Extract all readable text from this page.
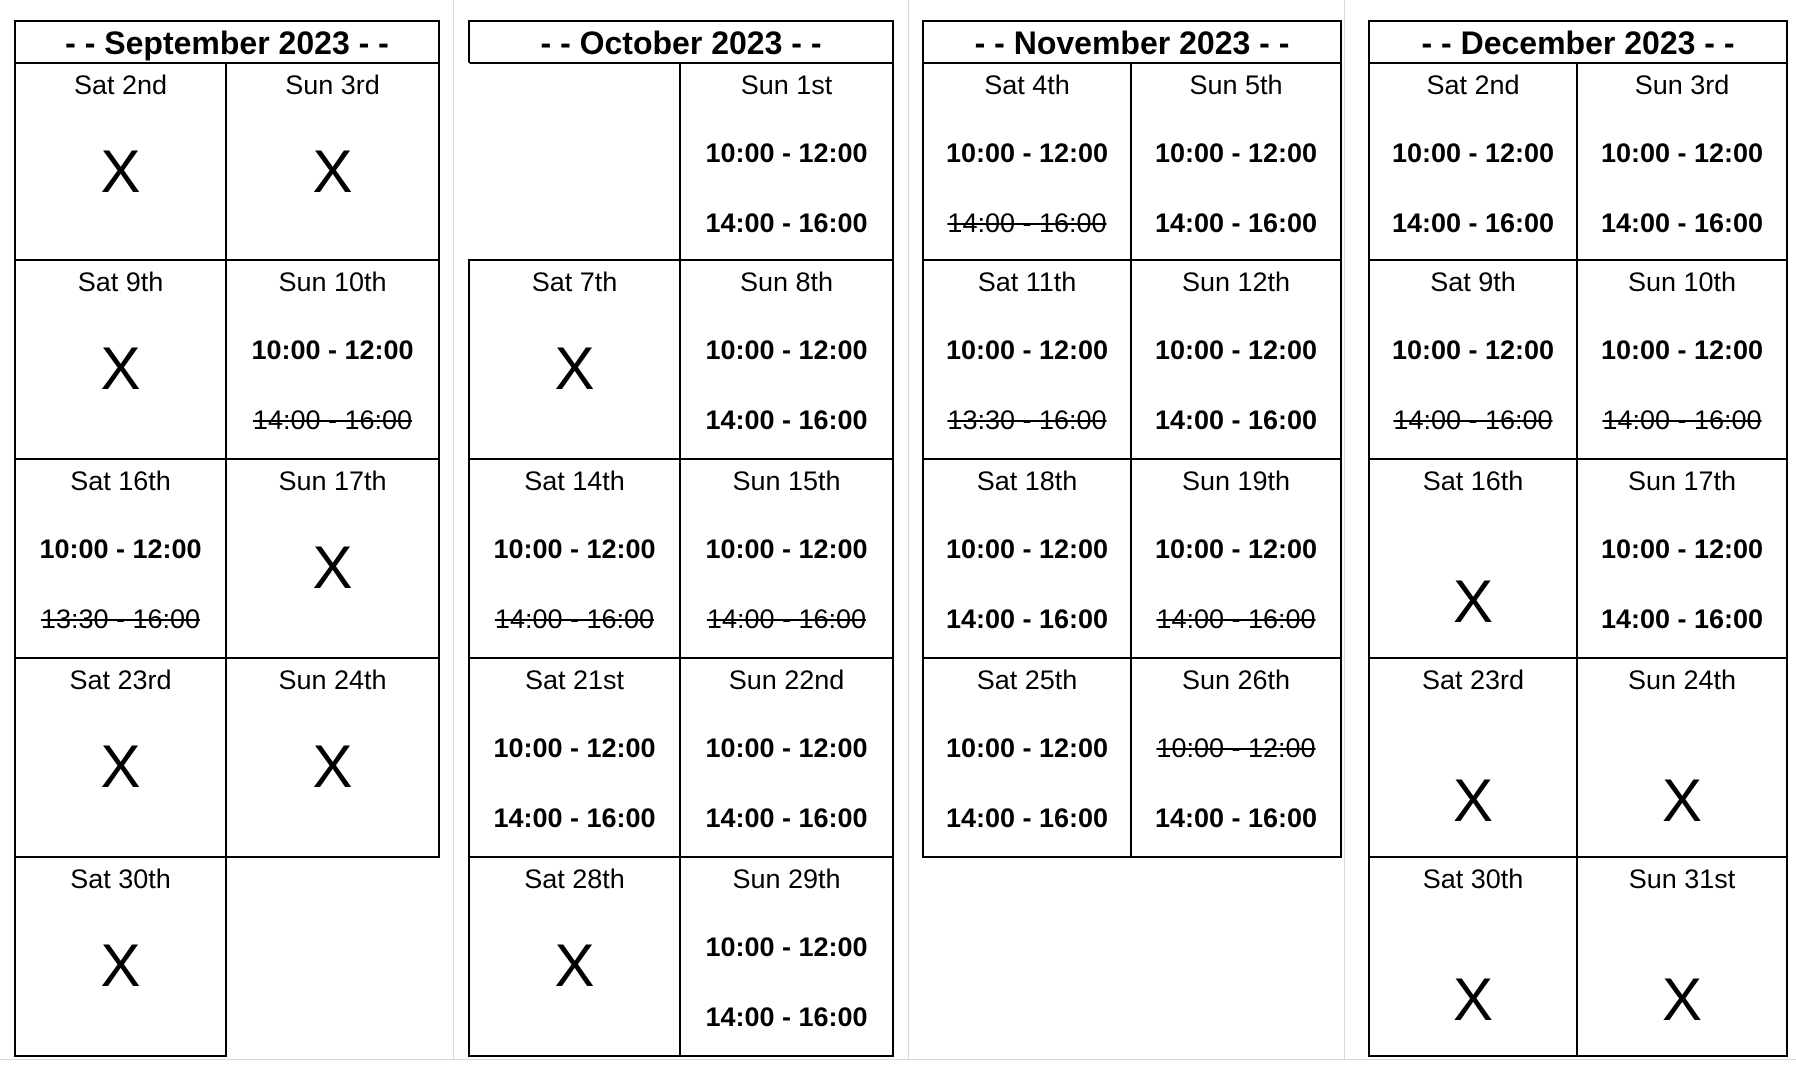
- - September 2023 - -
Sat 2nd
X
Sun 3rd
X
Sat 9th
X
Sun 10th
10:00 - 12:00
14:00 - 16:00
Sat 16th
10:00 - 12:00
13:30 - 16:00
Sun 17th
X
Sat 23rd
X
Sun 24th
X
Sat 30th
X
- - October 2023 - -
Sun 1st
10:00 - 12:00
14:00 - 16:00
Sat 7th
X
Sun 8th
10:00 - 12:00
14:00 - 16:00
Sat 14th
10:00 - 12:00
14:00 - 16:00
Sun 15th
10:00 - 12:00
14:00 - 16:00
Sat 21st
10:00 - 12:00
14:00 - 16:00
Sun 22nd
10:00 - 12:00
14:00 - 16:00
Sat 28th
X
Sun 29th
10:00 - 12:00
14:00 - 16:00
- - November 2023 - -
Sat 4th
10:00 - 12:00
14:00 - 16:00
Sun 5th
10:00 - 12:00
14:00 - 16:00
Sat 11th
10:00 - 12:00
13:30 - 16:00
Sun 12th
10:00 - 12:00
14:00 - 16:00
Sat 18th
10:00 - 12:00
14:00 - 16:00
Sun 19th
10:00 - 12:00
14:00 - 16:00
Sat 25th
10:00 - 12:00
14:00 - 16:00
Sun 26th
10:00 - 12:00
14:00 - 16:00
- - December 2023 - -
Sat 2nd
10:00 - 12:00
14:00 - 16:00
Sun 3rd
10:00 - 12:00
14:00 - 16:00
Sat 9th
10:00 - 12:00
14:00 - 16:00
Sun 10th
10:00 - 12:00
14:00 - 16:00
Sat 16th
X
Sun 17th
10:00 - 12:00
14:00 - 16:00
Sat 23rd
X
Sun 24th
X
Sat 30th
X
Sun 31st
X
